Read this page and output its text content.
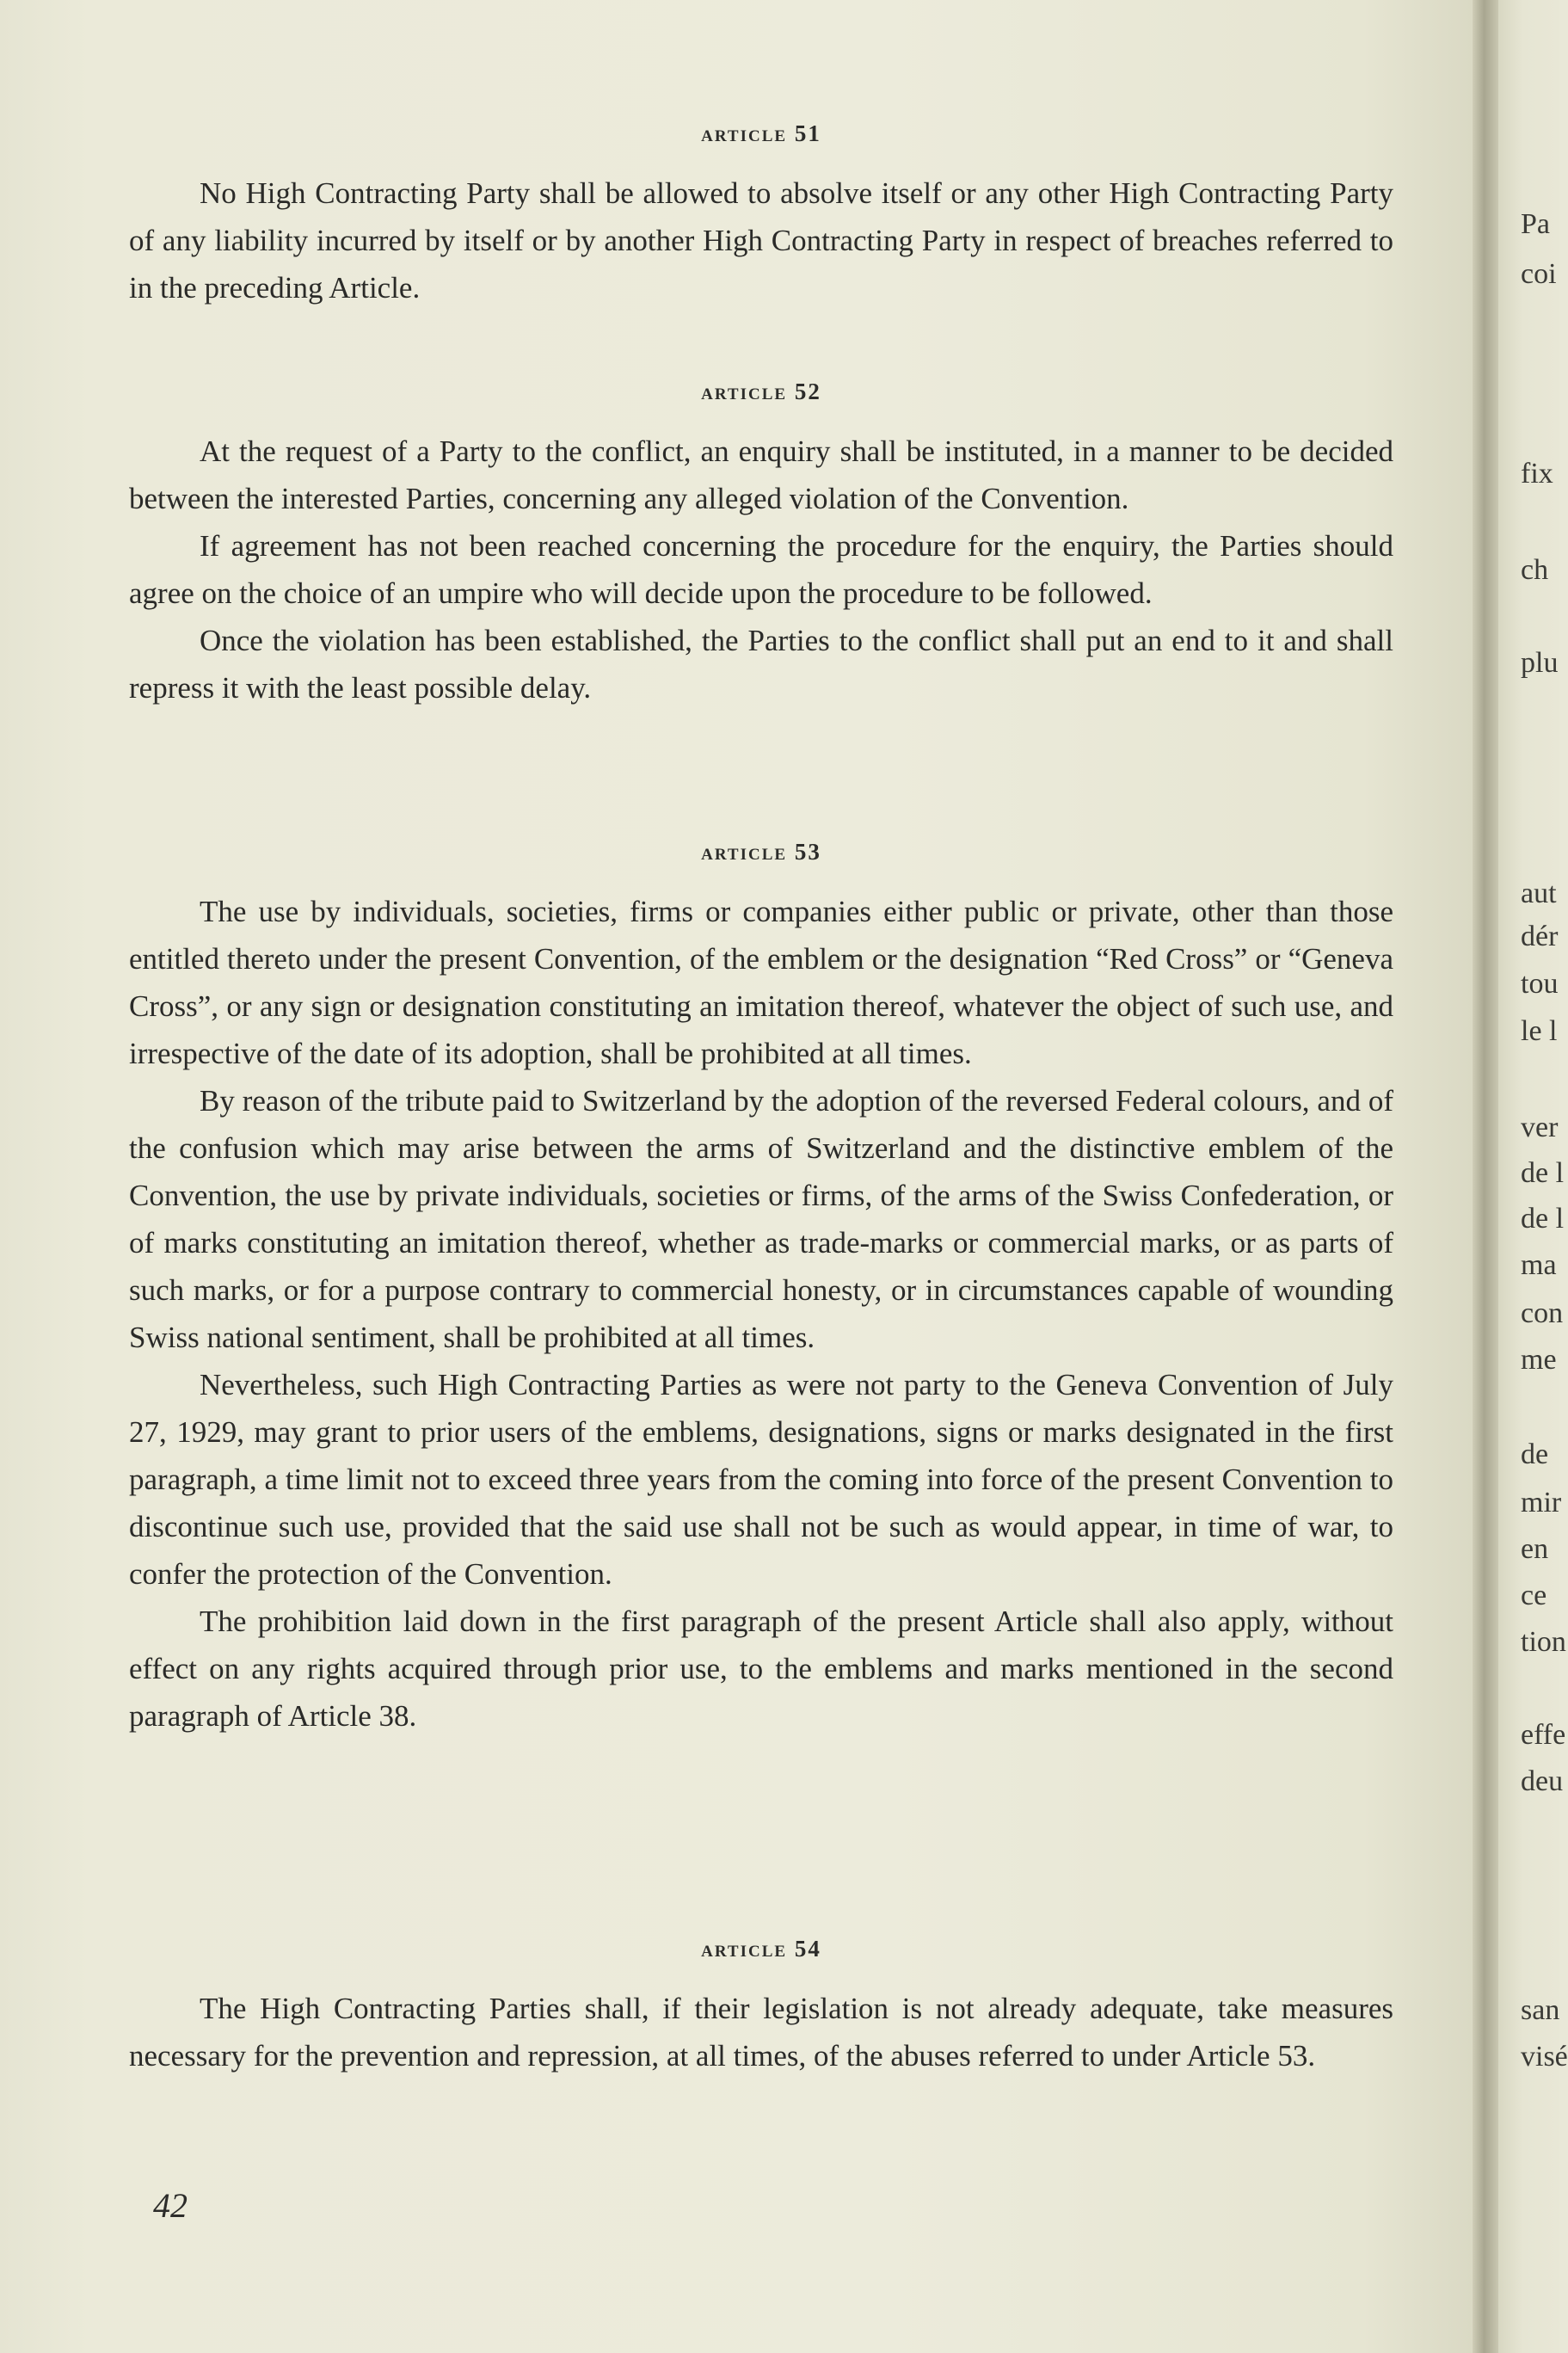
article 51

No High Contracting Party shall be allowed to absolve itself or any other High Contracting Party of any liability incurred by itself or by another High Contracting Party in respect of breaches referred to in the preceding Article.

article 52

At the request of a Party to the conflict, an enquiry shall be instituted, in a manner to be decided between the interested Parties, concerning any alleged violation of the Convention.

If agreement has not been reached concerning the procedure for the enquiry, the Parties should agree on the choice of an umpire who will decide upon the procedure to be followed.

Once the violation has been established, the Parties to the conflict shall put an end to it and shall repress it with the least possible delay.

article 53

The use by individuals, societies, firms or companies either public or private, other than those entitled thereto under the present Convention, of the emblem or the designation “Red Cross” or “Geneva Cross”, or any sign or designation constituting an imitation thereof, whatever the object of such use, and irrespective of the date of its adoption, shall be prohibited at all times.

By reason of the tribute paid to Switzerland by the adoption of the reversed Federal colours, and of the confusion which may arise between the arms of Switzerland and the distinctive emblem of the Convention, the use by private individuals, societies or firms, of the arms of the Swiss Confederation, or of marks constituting an imitation thereof, whether as trade-marks or commercial marks, or as parts of such marks, or for a purpose contrary to commercial honesty, or in circumstances capable of wounding Swiss national sentiment, shall be prohibited at all times.

Nevertheless, such High Contracting Parties as were not party to the Geneva Convention of July 27, 1929, may grant to prior users of the emblems, designations, signs or marks designated in the first paragraph, a time limit not to exceed three years from the coming into force of the present Convention to discontinue such use, provided that the said use shall not be such as would appear, in time of war, to confer the protection of the Convention.

The prohibition laid down in the first paragraph of the present Article shall also apply, without effect on any rights acquired through prior use, to the emblems and marks mentioned in the second paragraph of Article 38.

article 54

The High Contracting Parties shall, if their legislation is not already adequate, take measures necessary for the prevention and repression, at all times, of the abuses referred to under Article 53.

42
Pa
coi
fix
ch
plu
aut
dér
tou
le l
ver
de l
de l
ma
con
me
de
mir
en
ce
tion
effe
deu
san
visé
